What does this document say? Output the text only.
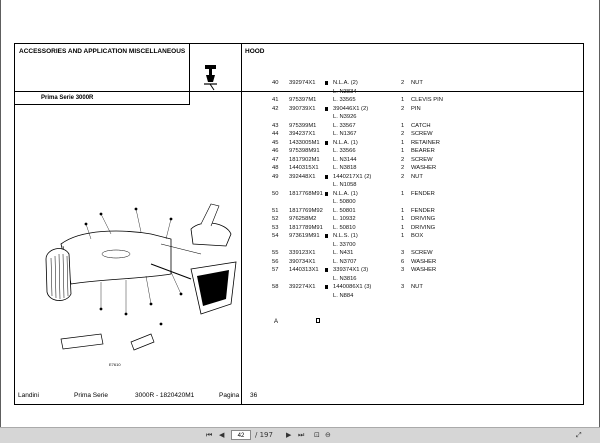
ACCESSORIES AND APPLICATION MISCELLANEOUS
Prima Serie 3000R
E7610
HOOD
40 392974X1	N.L.A. (2)	2 NUT
L. N3834
41 975397M1	L. 33565	1 CLEVIS PIN
42 390739X1	390446X1 (2)	2 PIN
L. N3926
43 975399M1	L. 33567	1 CATCH
44 394237X1	L. N1367	2 SCREW
45 1433005M1 N.L.A. (1)	1 RETAINER
46 975398M91 L. 33566	1 BEARER
47 1817902M1 L. N3144	2 SCREW
48 1440315X1 L. N3818	2 WASHER
49 392448X1	1440217X1 (2)	2 NUT
L. N1058
50 1817768M91 N.L.A. (1)	1 FENDER
L. 50800
51 1817769M92 L. 50801	1 FENDER
52 976258M2	L. 10932	1 DRIVING
53 1817789M91 L. 50810	1 DRIVING
54 973619M91 N.L.S. (1)	1 BOX
L. 33700
55 339123X1	L. N431	3 SCREW
56 390734X1	L. N3707	6 WASHER
57 1440313X1 339374X1 (3)	3 WASHER
L. N3816
58 392274X1	1440086X1 (3)	3 NUT
L. N884
A
Landini	Prima Serie	3000R - 1820420M1	Pagina 36
⏮ ◀	42	/ 197 ▶ ⏭ ⊡ ⊖	⤢
